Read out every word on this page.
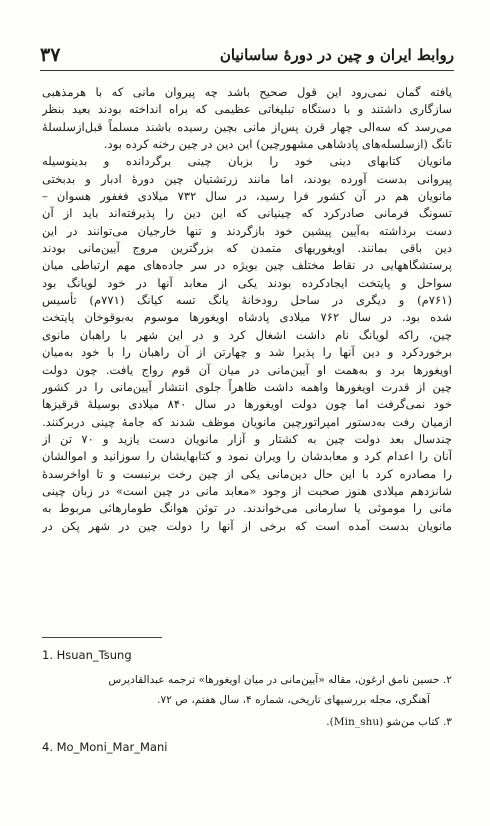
روابط ایران و چین در دورهٔ ساسانیان
۳۷
یافته گمان نمی‌رود این قول صحیح باشد چه پیروان مانی که با هرمذهبی
سازگاری داشتند و با دستگاه تبلیغاتی عظیمی که براه انداخته بودند بعید بنظر
می‌رسد که سه‌الی چهار قرن پس‌از مانی بچین رسیده باشند مسلماً قبل‌ازسلسلهٔ
تانگ (ازسلسله‌های پادشاهی مشهورچین) این دین در چین رخنه کرده بود.
مانویان کتابهای دینی خود را بزبان چینی برگردانده و بدینوسیله
پیروانی بدست آورده بودند، اما مانند زرتشتیان چین دورهٔ ادبار و بدبختی
مانویان هم در آن کشور فرا رسید، در سال ۷۳۲ میلادی فغفور هسوان –
تسونگ فرمانی صادرکرد که چینیانی که این دین را پذیرفته‌اند باید از آن
دست برداشته به‌آیین پیشین خود بازگردند و تنها خارجیان می‌توانند در این
دین باقی بمانند. اویغوریهای متمدن که بزرگترین مروج آیین‌مانی بودند
پرستشگاههایی در نقاط مختلف چین بویژه در سر جاده‌های مهم ارتباطی میان
سواحل و پایتخت ایجادکرده بودند یکی از معابد آنها در خود لویانگ بود
(۷۶۱م) و دیگری در ساحل رودخانهٔ یانگ تسه کیانگ (۷۷۱م) تأسیس
شده بود. در سال ۷۶۲ میلادی پادشاه اویغورها موسوم به‌بوقوخان پایتخت
چین، راکه لویانگ نام داشت اشغال کرد و در این شهر با راهبان مانوی
برخوردکرد و دین آنها را پذیرا شد و چهارتن از آن راهبان را با خود به‌میان
اویغورها برد و به‌همت او آیین‌مانی در میان آن قوم رواج یافت. چون دولت
چین از قدرت اویغورها واهمه داشت ظاهراً جلوی انتشار آیین‌مانی را در کشور
خود نمی‌گرفت اما چون دولت اویغورها در سال ۸۴۰ میلادی بوسیلهٔ قرقیزها
ازمیان رفت به‌دستور امپراتورچین مانویان موظف شدند که جامهٔ چینی دربرکنند.
چندسال بعد دولت چین به کشتار و آزار مانویان دست یازید و ۷۰ تن از
آنان را اعدام کرد و معابدشان را ویران نمود و کتابهایشان را سوزانید و اموالشان
را مصادره کرد با این حال دین‌مانی یکی از چین رخت برنبست و تا اواخرسدهٔ
شانزدهم میلادی هنوز صحبت از وجود «معابد مانی در چین است» در زبان چینی
مانی را موموئی یا سارمانی می‌خواندند. در توئن هوانگ طومارهائی مربوط به
مانویان بدست آمده است که برخی از آنها را دولت چین در شهر پکن در
1. Hsuan_Tsung
۲. حسین نامق ارغون، مقاله «آیین‌مانی در میان اویغورها» ترجمه عبدالقادیرس
آهنگری، مجله بررسیهای تاریخی، شماره ۴، سال هفتم، ص ۷۲.
۳. کتاب من‌شو (Min_shu).
4. Mo_Moni_Mar_Mani
